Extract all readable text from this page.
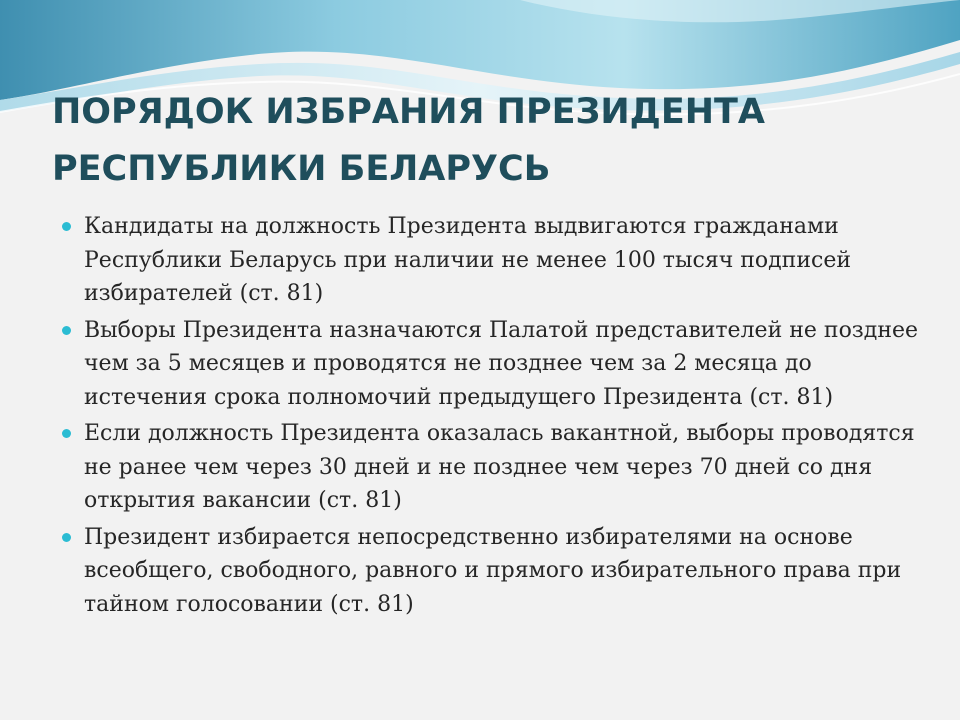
ПОРЯДОК ИЗБРАНИЯ ПРЕЗИДЕНТА РЕСПУБЛИКИ БЕЛАРУСЬ
Кандидаты на должность Президента выдвигаются гражданами Республики Беларусь при наличии не менее 100 тысяч подписей избирателей (ст. 81)
Выборы Президента назначаются Палатой представителей не позднее чем за 5 месяцев и проводятся не позднее чем за 2 месяца до истечения срока полномочий предыдущего Президента (ст. 81)
Если должность Президента оказалась вакантной, выборы проводятся не ранее чем через 30 дней и не позднее чем через 70 дней со дня открытия вакансии (ст. 81)
Президент избирается непосредственно избирателями на основе всеобщего, свободного, равного и прямого избирательного права при тайном голосовании (ст. 81)
